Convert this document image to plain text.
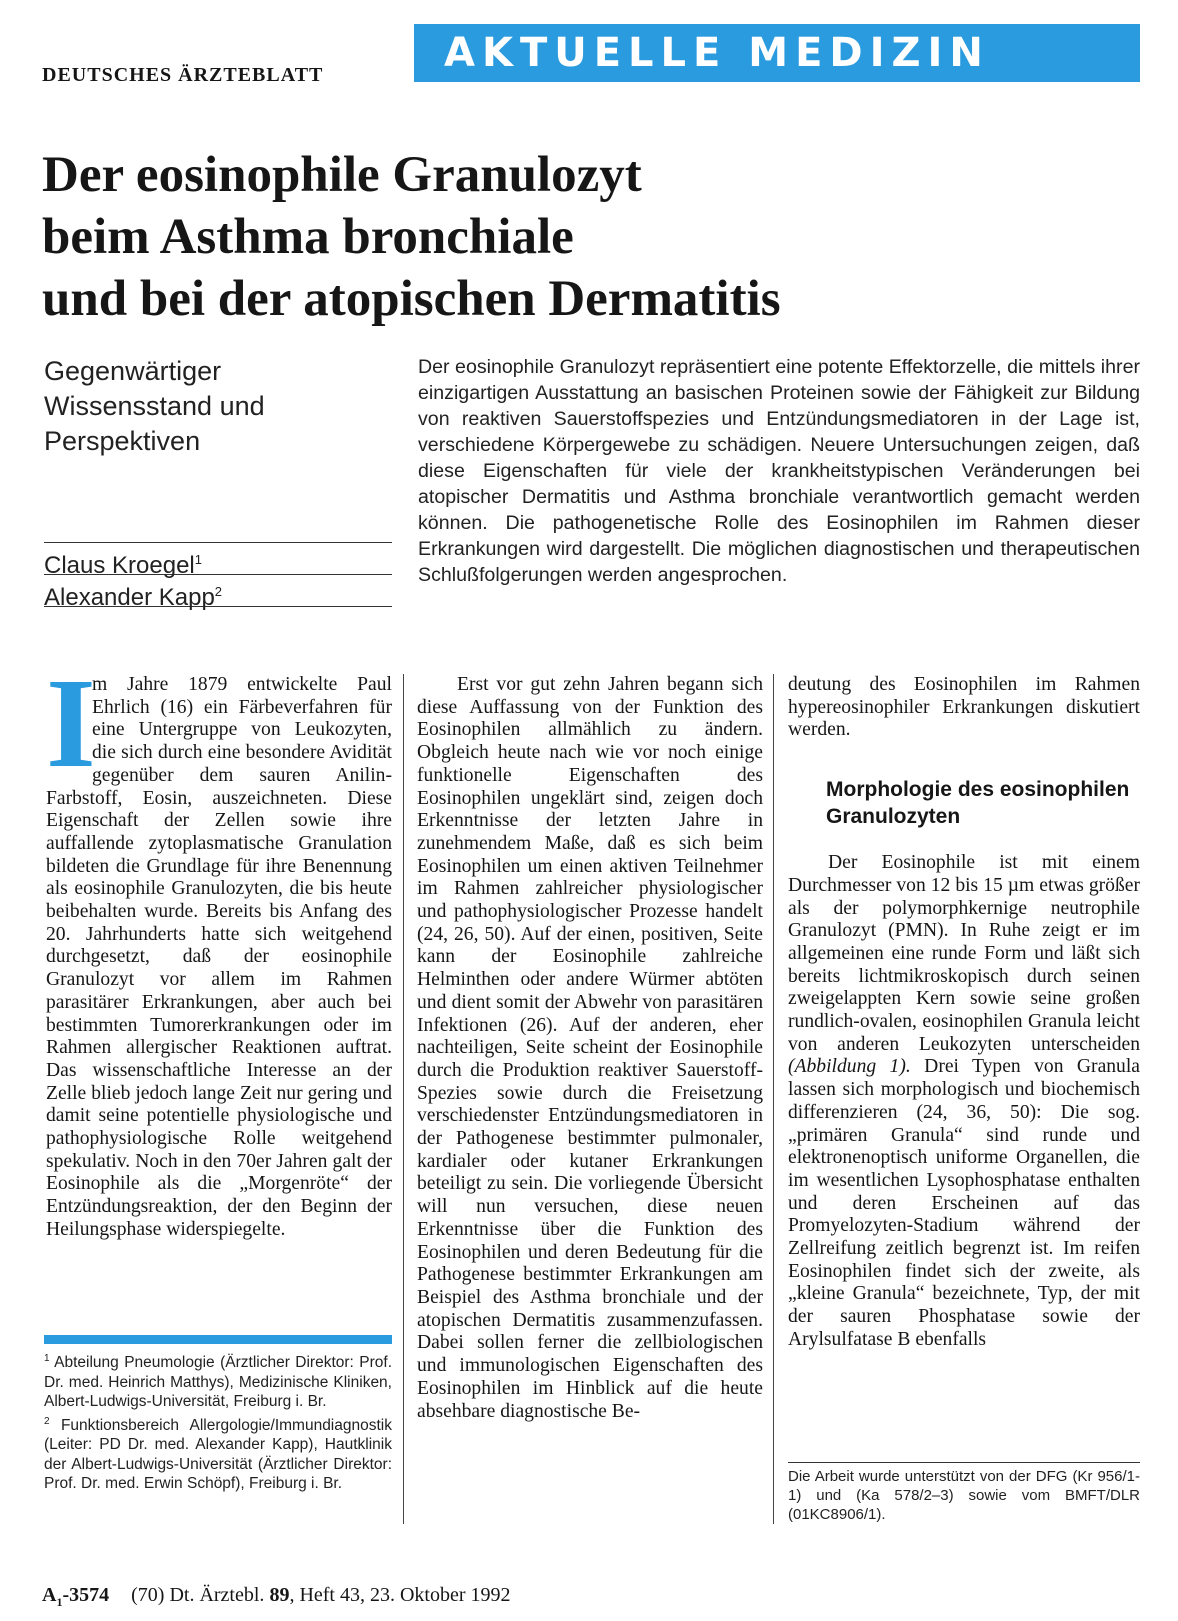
DEUTSCHES ÄRZTEBLATT	AKTUELLE MEDIZIN
Der eosinophile Granulozyt
beim Asthma bronchiale
und bei der atopischen Dermatitis
Gegenwärtiger Wissensstand und Perspektiven
Claus Kroegel$^1$
Alexander Kapp$^2$
Der eosinophile Granulozyt repräsentiert eine potente Effektorzelle, die mittels ihrer einzigartigen Ausstattung an basischen Proteinen sowie der Fähigkeit zur Bildung von reaktiven Sauerstoffspezies und Entzündungsmediatoren in der Lage ist, verschiedene Körpergewebe zu schädigen. Neuere Untersuchungen zeigen, daß diese Eigenschaften für viele der krankheitstypischen Veränderungen bei atopischer Dermatitis und Asthma bronchiale verantwortlich gemacht werden können. Die pathogenetische Rolle des Eosinophilen im Rahmen dieser Erkrankungen wird dargestellt. Die möglichen diagnostischen und therapeutischen Schlußfolgerungen werden angesprochen.

I
m Jahre 1879 entwickelte Paul Ehrlich (16) ein Färbeverfahren für eine Untergruppe von Leukozyten, die sich durch eine besondere Avidität gegenüber dem sauren Anilin-Farbstoff, Eosin, auszeichneten. Diese Eigenschaft der Zellen sowie ihre auffallende zytoplasmatische Granulation bildeten die Grundlage für ihre Benennung als eosinophile Granulozyten, die bis heute beibehalten wurde. Bereits bis Anfang des 20. Jahrhunderts hatte sich weitgehend durchgesetzt, daß der eosinophile Granulozyt vor allem im Rahmen parasitärer Erkrankungen, aber auch bei bestimmten Tumorerkrankungen oder im Rahmen allergischer Reaktionen auftrat. Das wissenschaftliche Interesse an der Zelle blieb jedoch lange Zeit nur gering und damit seine potentielle physiologische und pathophysiologische Rolle weitgehend spekulativ. Noch in den 70er Jahren galt der Eosinophile als die „Morgenröte“ der Entzündungsreaktion, der den Beginn der Heilungsphase widerspiegelte.

Erst vor gut zehn Jahren begann sich diese Auffassung von der Funktion des Eosinophilen allmählich zu ändern. Obgleich heute nach wie vor noch einige funktionelle Eigenschaften des Eosinophilen ungeklärt sind, zeigen doch Erkenntnisse der letzten Jahre in zunehmendem Maße, daß es sich beim Eosinophilen um einen aktiven Teilnehmer im Rahmen zahlreicher physiologischer und pathophysiologischer Prozesse handelt (24, 26, 50). Auf der einen, positiven, Seite kann der Eosinophile zahlreiche Helminthen oder andere Würmer abtöten und dient somit der Abwehr von parasitären Infektionen (26). Auf der anderen, eher nachteiligen, Seite scheint der Eosinophile durch die Produktion reaktiver Sauerstoff-Spezies sowie durch die Freisetzung verschiedenster Entzündungsmediatoren in der Pathogenese bestimmter pulmonaler, kardialer oder kutaner Erkrankungen beteiligt zu sein. Die vorliegende Übersicht will nun versuchen, diese neuen Erkenntnisse über die Funktion des Eosinophilen und deren Bedeutung für die Pathogenese bestimmter Erkrankungen am Beispiel des Asthma bronchiale und der atopischen Dermatitis zusammenzufassen. Dabei sollen ferner die zellbiologischen und immunologischen Eigenschaften des Eosinophilen im Hinblick auf die heute absehbare diagnostische Be-

deutung des Eosinophilen im Rahmen hypereosinophiler Erkrankungen diskutiert werden.

Morphologie des eosinophilen Granulozyten

Der Eosinophile ist mit einem Durchmesser von 12 bis 15 µm etwas größer als der polymorphkernige neutrophile Granulozyt (PMN). In Ruhe zeigt er im allgemeinen eine runde Form und läßt sich bereits lichtmikroskopisch durch seinen zweigelappten Kern sowie seine großen rundlich-ovalen, eosinophilen Granula leicht von anderen Leukozyten unterscheiden (Abbildung 1). Drei Typen von Granula lassen sich morphologisch und biochemisch differenzieren (24, 36, 50): Die sog. „primären Granula“ sind runde und elektronenoptisch uniforme Organellen, die im wesentlichen Lysophosphatase enthalten und deren Erscheinen auf das Promyelozyten-Stadium während der Zellreifung zeitlich begrenzt ist. Im reifen Eosinophilen findet sich der zweite, als „kleine Granula“ bezeichnete, Typ, der mit der sauren Phosphatase sowie der Arylsulfatase B ebenfalls

$^1$ Abteilung Pneumologie (Ärztlicher Direktor: Prof. Dr. med. Heinrich Matthys), Medizinische Kliniken, Albert-Ludwigs-Universität, Freiburg i. Br.

$^2$ Funktionsbereich Allergologie/Immundiagnostik (Leiter: PD Dr. med. Alexander Kapp), Hautklinik der Albert-Ludwigs-Universität (Ärztlicher Direktor: Prof. Dr. med. Erwin Schöpf), Freiburg i. Br.	Die Arbeit wurde unterstützt von der DFG (Kr 956/1-1) und (Ka 578/2–3) sowie vom BMFT/DLR (01KC8906/1).
$A_1-3574$ (70) Dt. Ärztebl. 89, Heft 43, 23. Oktober 1992
